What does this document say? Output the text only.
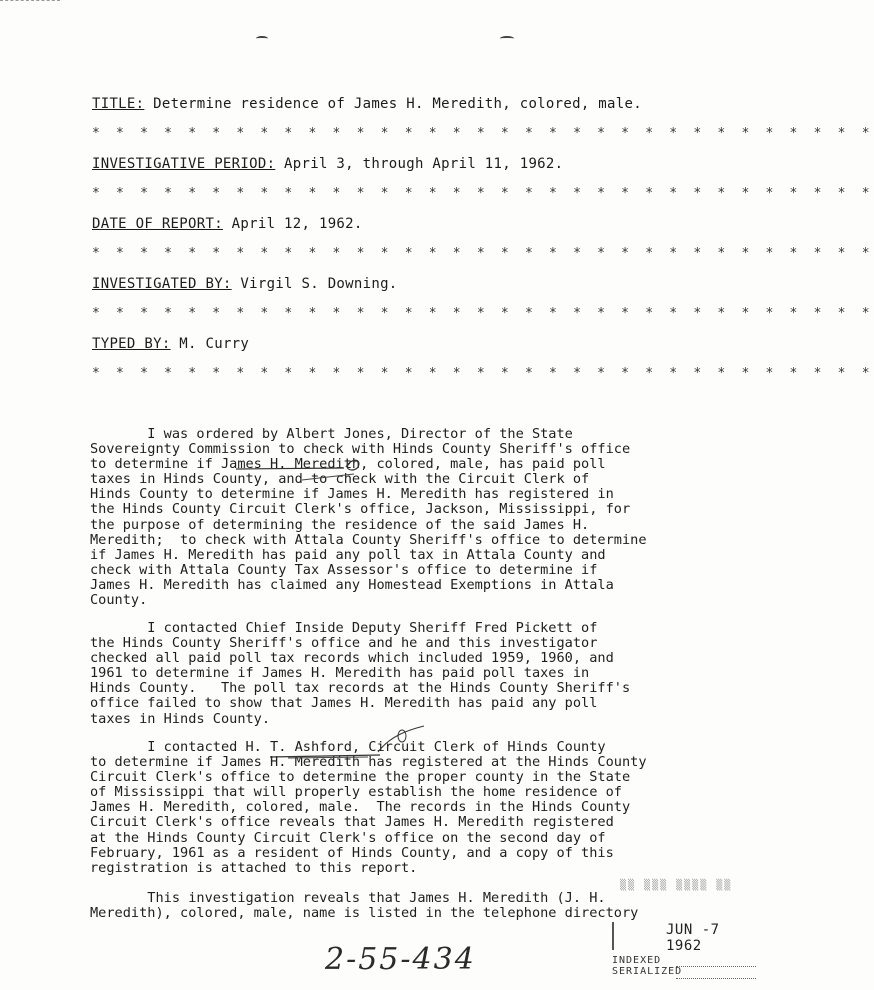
TITLE: Determine residence of James H. Meredith, colored, male.
* * * * * * * * * * * * * * * * * * * * * * * * * * * * * * * * *
INVESTIGATIVE PERIOD: April 3, through April 11, 1962.
* * * * * * * * * * * * * * * * * * * * * * * * * * * * * * * * *
DATE OF REPORT: April 12, 1962.
* * * * * * * * * * * * * * * * * * * * * * * * * * * * * * * * *
INVESTIGATED BY: Virgil S. Downing.
* * * * * * * * * * * * * * * * * * * * * * * * * * * * * * * * *
TYPED BY: M. Curry
* * * * * * * * * * * * * * * * * * * * * * * * * * * * * * * * *
I was ordered by Albert Jones, Director of the State
Sovereignty Commission to check with Hinds County Sheriff's office
to determine if James H. Meredith, colored, male, has paid poll
taxes in Hinds County, and to check with the Circuit Clerk of
Hinds County to determine if James H. Meredith has registered in
the Hinds County Circuit Clerk's office, Jackson, Mississippi, for
the purpose of determining the residence of the said James H.
Meredith;  to check with Attala County Sheriff's office to determine
if James H. Meredith has paid any poll tax in Attala County and
check with Attala County Tax Assessor's office to determine if
James H. Meredith has claimed any Homestead Exemptions in Attala
County.
I contacted Chief Inside Deputy Sheriff Fred Pickett of
the Hinds County Sheriff's office and he and this investigator
checked all paid poll tax records which included 1959, 1960, and
1961 to determine if James H. Meredith has paid poll taxes in
Hinds County.   The poll tax records at the Hinds County Sheriff's
office failed to show that James H. Meredith has paid any poll
taxes in Hinds County.
I contacted H. T. Ashford, Circuit Clerk of Hinds County
to determine if James H. Meredith has registered at the Hinds County
Circuit Clerk's office to determine the proper county in the State
of Mississippi that will properly establish the home residence of
James H. Meredith, colored, male.  The records in the Hinds County
Circuit Clerk's office reveals that James H. Meredith registered
at the Hinds County Circuit Clerk's office on the second day of
February, 1961 as a resident of Hinds County, and a copy of this
registration is attached to this report.
This investigation reveals that James H. Meredith (J. H.
Meredith), colored, male, name is listed in the telephone directory
▒▒ ▒▒▒ ▒▒▒▒ ▒▒
JUN -7 1962
INDEXED
SERIALIZED
2-55-434
